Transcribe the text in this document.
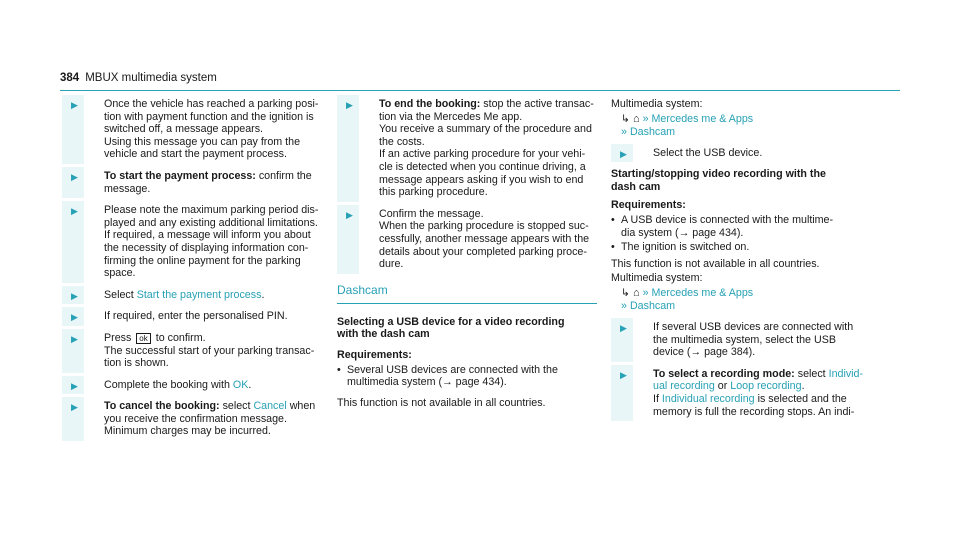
384 MBUX multimedia system
▶ Once the vehicle has reached a parking posi-
tion with payment function and the ignition is
switched off, a message appears.
Using this message you can pay from the
vehicle and start the payment process.

▶ To start the payment process: confirm the
message.

▶ Please note the maximum parking period dis-
played and any existing additional limitations.
If required, a message will inform you about
the necessity of displaying information con-
firming the online payment for the parking
space.

▶ Select Start the payment process.

▶ If required, enter the personalised PIN.

▶ Press ok to confirm.
The successful start of your parking transac-
tion is shown.

▶ Complete the booking with OK.

▶ To cancel the booking: select Cancel when
you receive the confirmation message.
Minimum charges may be incurred.

▶ To end the booking: stop the active transac-
tion via the Mercedes Me app.
You receive a summary of the procedure and
the costs.
If an active parking procedure for your vehi-
cle is detected when you continue driving, a
message appears asking if you wish to end
this parking procedure.

▶ Confirm the message.
When the parking procedure is stopped suc-
cessfully, another message appears with the
details about your completed parking proce-
dure.

Dashcam
Selecting a USB device for a video recording
with the dash cam
Requirements:
• Several USB devices are connected with the
multimedia system (→ page 434).
This function is not available in all countries.
Multimedia system:
↳ ⌂ » Mercedes me & Apps
» Dashcam
▶ Select the USB device.

Starting/stopping video recording with the
dash cam
Requirements:
• A USB device is connected with the multime-
dia system (→ page 434).
• The ignition is switched on.
This function is not available in all countries.
Multimedia system:
↳ ⌂ » Mercedes me & Apps
» Dashcam
▶ If several USB devices are connected with
the multimedia system, select the USB
device (→ page 384).

▶ To select a recording mode: select Individ-
ual recording or Loop recording.
If Individual recording is selected and the
memory is full the recording stops. An indi-
